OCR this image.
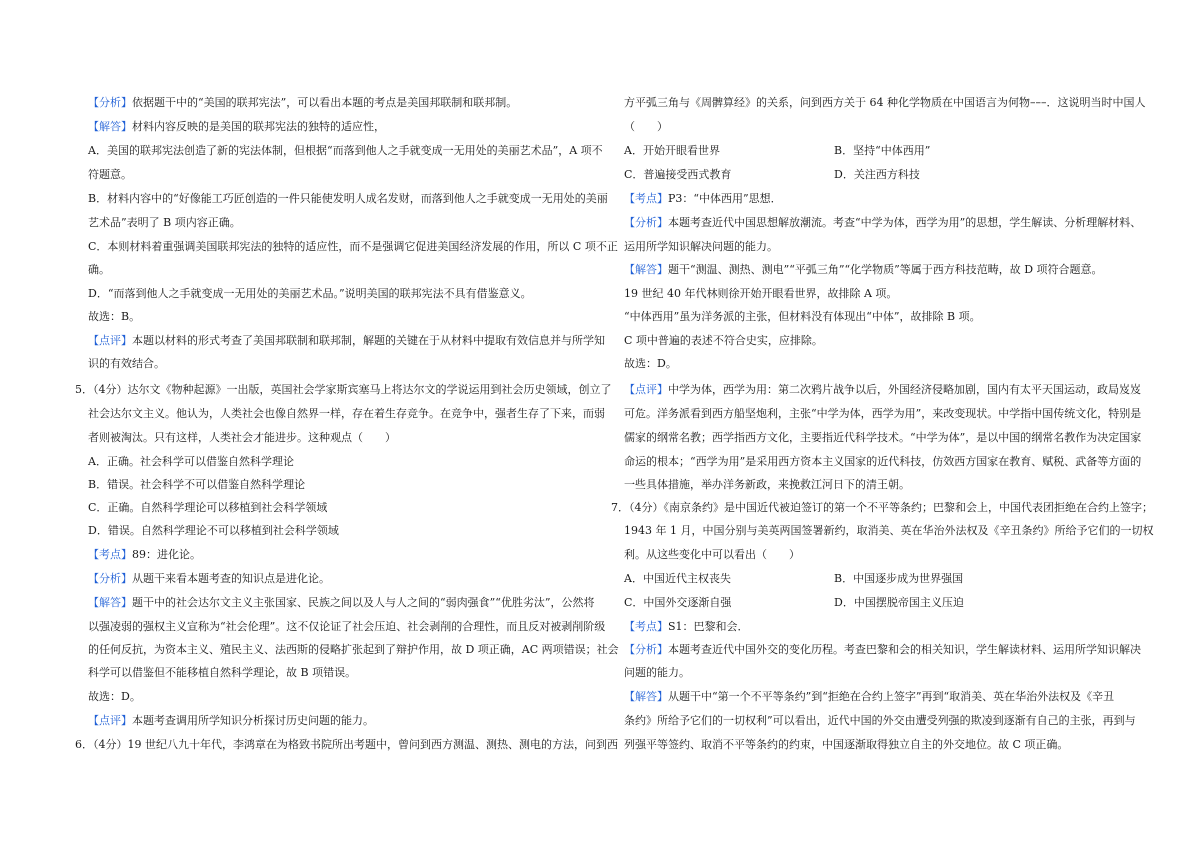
【分析】依据题干中的“美国的联邦宪法”，可以看出本题的考点是美国邦联制和联邦制。
【解答】材料内容反映的是美国的联邦宪法的独特的适应性，
A．美国的联邦宪法创造了新的宪法体制，但根据“而落到他人之手就变成一无用处的美丽艺术品”，A 项不
符题意。
B．材料内容中的“好像能工巧匠创造的一件只能使发明人成名发财，而落到他人之手就变成一无用处的美丽
艺术品”表明了 B 项内容正确。
C．本则材料着重强调美国联邦宪法的独特的适应性，而不是强调它促进美国经济发展的作用，所以 C 项不正
确。
D．“而落到他人之手就变成一无用处的美丽艺术品。”说明美国的联邦宪法不具有借鉴意义。
故选：B。
【点评】本题以材料的形式考查了美国邦联制和联邦制，解题的关键在于从材料中提取有效信息并与所学知
识的有效结合。
5．（4分）达尔文《物种起源》一出版，英国社会学家斯宾塞马上将达尔文的学说运用到社会历史领域，创立了
社会达尔文主义。他认为，人类社会也像自然界一样，存在着生存竞争。在竞争中，强者生存了下来，而弱
者则被淘汰。只有这样，人类社会才能进步。这种观点（　　）
A．正确。社会科学可以借鉴自然科学理论
B．错误。社会科学不可以借鉴自然科学理论
C．正确。自然科学理论可以移植到社会科学领域
D．错误。自然科学理论不可以移植到社会科学领域
【考点】89：进化论。
【分析】从题干来看本题考查的知识点是进化论。
【解答】题干中的社会达尔文主义主张国家、民族之间以及人与人之间的“弱肉强食”“优胜劣汰”，公然将
以强凌弱的强权主义宣称为“社会伦理”。这不仅论证了社会压迫、社会剥削的合理性，而且反对被剥削阶级
的任何反抗，为资本主义、殖民主义、法西斯的侵略扩张起到了辩护作用，故 D 项正确，AC 两项错误；社会
科学可以借鉴但不能移植自然科学理论，故 B 项错误。
故选：D。
【点评】本题考查调用所学知识分析探讨历史问题的能力。
6．（4分）19 世纪八九十年代，李鸿章在为格致书院所出考题中，曾问到西方测温、测热、测电的方法，问到西
方平弧三角与《周髀算经》的关系，问到西方关于 64 种化学物质在中国语言为何物–––．这说明当时中国人
（　　）
A．开始开眼看世界	B．坚持“中体西用”
C．普遍接受西式教育	D．关注西方科技
【考点】P3：“中体西用”思想．
【分析】本题考查近代中国思想解放潮流。考查“中学为体，西学为用”的思想，学生解读、分析理解材料、
运用所学知识解决问题的能力。
【解答】题干“测温、测热、测电”“平弧三角”“化学物质”等属于西方科技范畴，故 D 项符合题意。
19 世纪 40 年代林则徐开始开眼看世界，故排除 A 项。
“中体西用”虽为洋务派的主张，但材料没有体现出“中体”，故排除 B 项。
C 项中普遍的表述不符合史实，应排除。
故选：D。
【点评】中学为体，西学为用：第二次鸦片战争以后，外国经济侵略加剧，国内有太平天国运动，政局岌岌
可危。洋务派看到西方船坚炮利，主张“中学为体，西学为用”，来改变现状。中学指中国传统文化，特别是
儒家的纲常名教；西学指西方文化，主要指近代科学技术。“中学为体”，是以中国的纲常名教作为决定国家
命运的根本；“西学为用”是采用西方资本主义国家的近代科技，仿效西方国家在教育、赋税、武备等方面的
一些具体措施，举办洋务新政，来挽救江河日下的清王朝。
7．（4分）《南京条约》是中国近代被迫签订的第一个不平等条约；巴黎和会上，中国代表团拒绝在合约上签字；
1943 年 1 月，中国分别与美英两国签署新约，取消美、英在华治外法权及《辛丑条约》所给予它们的一切权
利。从这些变化中可以看出（　　）
A．中国近代主权丧失	B．中国逐步成为世界强国
C．中国外交逐渐自强	D．中国摆脱帝国主义压迫
【考点】S1：巴黎和会．
【分析】本题考查近代中国外交的变化历程。考查巴黎和会的相关知识，学生解读材料、运用所学知识解决
问题的能力。
【解答】从题干中“第一个不平等条约”到“拒绝在合约上签字”再到“取消美、英在华治外法权及《辛丑
条约》所给予它们的一切权利”可以看出，近代中国的外交由遭受列强的欺凌到逐渐有自己的主张，再到与
列强平等签约、取消不平等条约的约束，中国逐渐取得独立自主的外交地位。故 C 项正确。
